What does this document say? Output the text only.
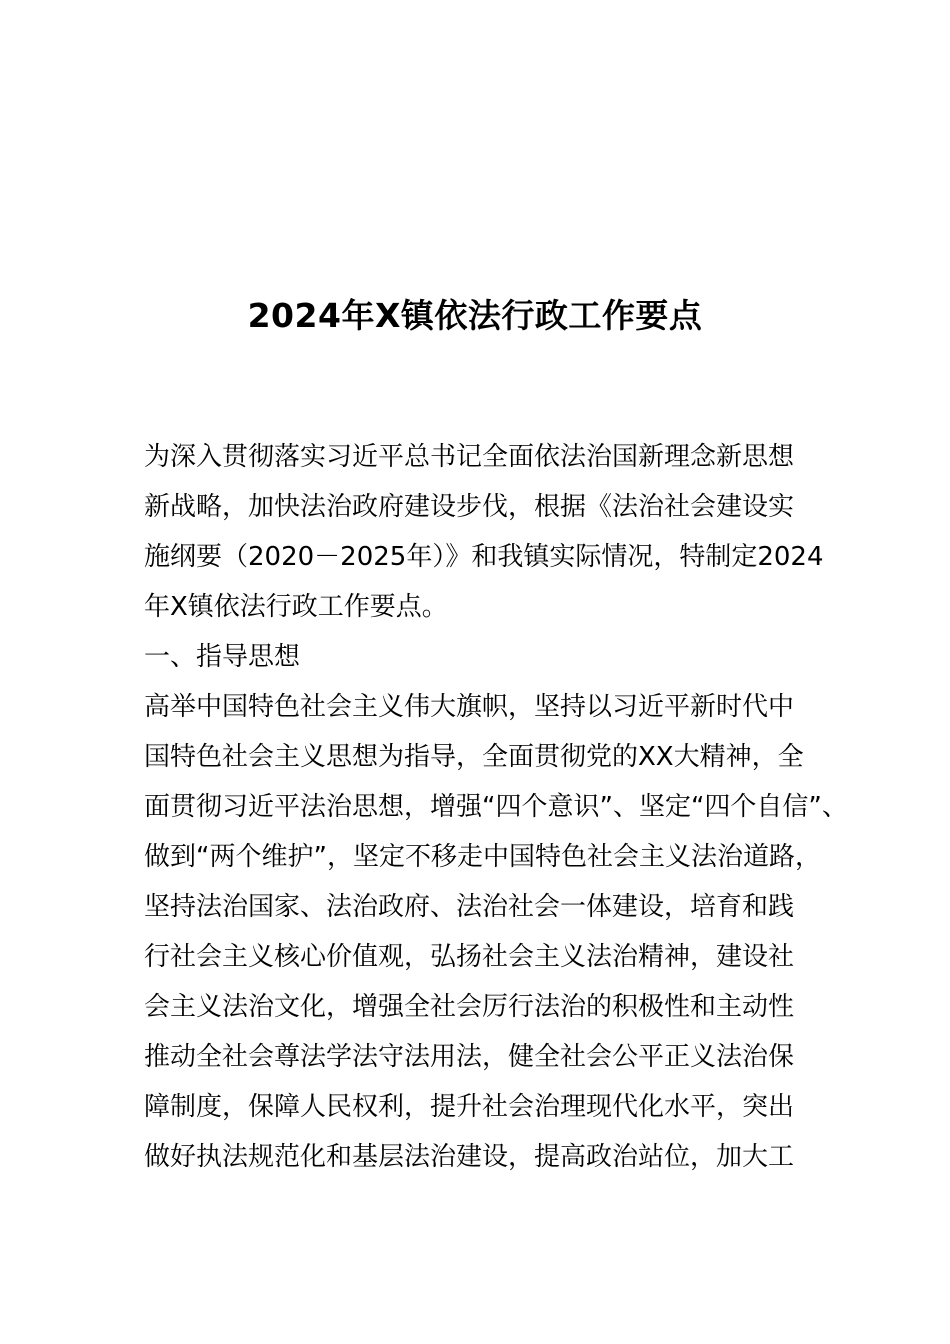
2024年X镇依法行政工作要点
为深入贯彻落实习近平总书记全面依法治国新理念新思想
新战略，加快法治政府建设步伐，根据《法治社会建设实
施纲要（2020－2025年）》和我镇实际情况，特制定2024
年X镇依法行政工作要点。
一、指导思想
高举中国特色社会主义伟大旗帜，坚持以习近平新时代中
国特色社会主义思想为指导，全面贯彻党的XX大精神，全
面贯彻习近平法治思想，增强“四个意识”、坚定“四个自信”、
做到“两个维护”，坚定不移走中国特色社会主义法治道路，
坚持法治国家、法治政府、法治社会一体建设，培育和践
行社会主义核心价值观，弘扬社会主义法治精神，建设社
会主义法治文化，增强全社会厉行法治的积极性和主动性
推动全社会尊法学法守法用法，健全社会公平正义法治保
障制度，保障人民权利，提升社会治理现代化水平，突出
做好执法规范化和基层法治建设，提高政治站位，加大工
